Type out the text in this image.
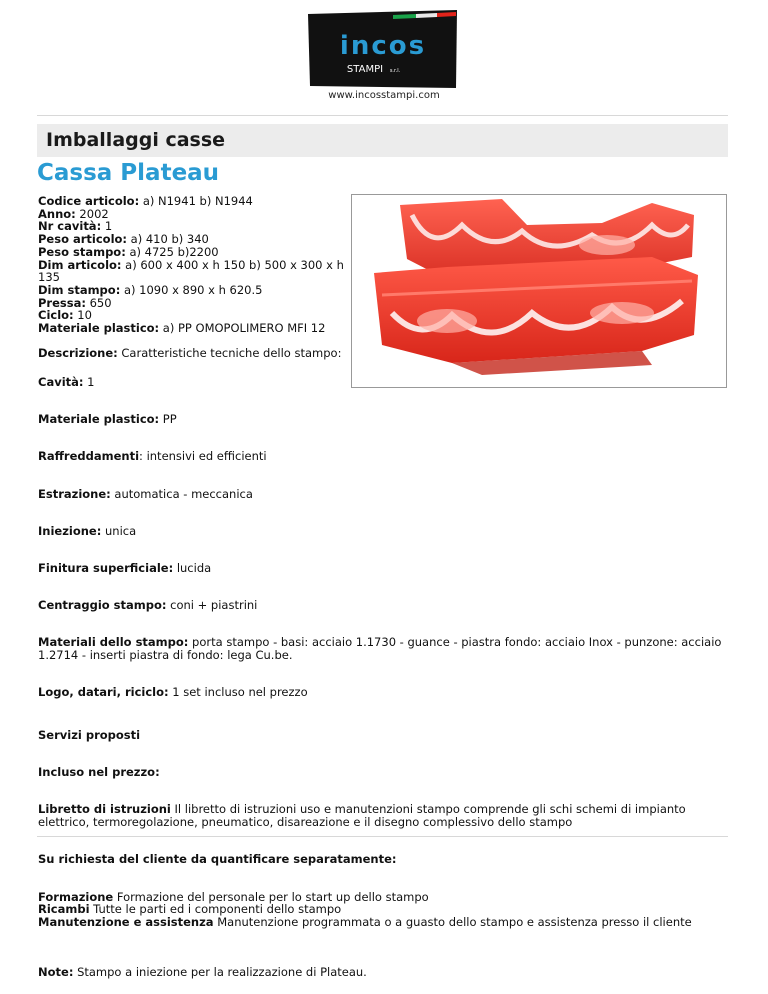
incos
STAMPI s.r.l.
www.incosstampi.com
Imballaggi casse
Cassa Plateau
Codice articolo: a) N1941 b) N1944
Anno: 2002
Nr cavità: 1
Peso articolo: a) 410 b) 340
Peso stampo: a) 4725 b)2200
Dim articolo: a) 600 x 400 x h 150 b) 500 x 300 x h 135
Dim stampo: a) 1090 x 890 x h 620.5
Pressa: 650
Ciclo: 10
Materiale plastico: a) PP OMOPOLIMERO MFI 12
Descrizione: Caratteristiche tecniche dello stampo:

Cavità: 1

Materiale plastico: PP

Raffreddamenti: intensivi ed efficienti

Estrazione: automatica - meccanica

Iniezione: unica

Finitura superficiale: lucida

Centraggio stampo: coni + piastrini

Materiali dello stampo: porta stampo - basi: acciaio 1.1730 - guance - piastra fondo: acciaio Inox - punzone: acciaio 1.2714 - inserti piastra di fondo: lega Cu.be.

Logo, datari, riciclo: 1 set incluso nel prezzo

Servizi proposti

Incluso nel prezzo:

Libretto di istruzioni Il libretto di istruzioni uso e manutenzioni stampo comprende gli schi schemi di impianto elettrico, termoregolazione, pneumatico, disareazione e il disegno complessivo dello stampo

Su richiesta del cliente da quantificare separatamente:

Formazione Formazione del personale per lo start up dello stampo

Ricambi Tutte le parti ed i componenti dello stampo

Manutenzione e assistenza Manutenzione programmata o a guasto dello stampo e assistenza presso il cliente

Note: Stampo a iniezione per la realizzazione di Plateau.
